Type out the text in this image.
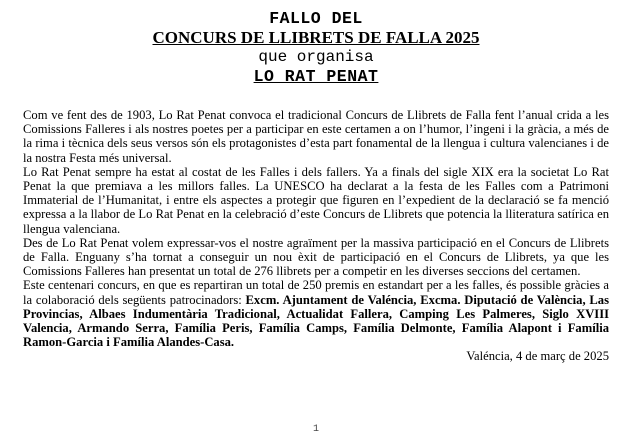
FALLO DEL
CONCURS DE LLIBRETS DE FALLA 2025
que organisa
LO RAT PENAT

Com ve fent des de 1903, Lo Rat Penat convoca el tradicional Concurs de Llibrets de Falla fent l’anual crida a les Comissions Falleres i als nostres poetes per a participar en este certamen a on l’humor, l’ingeni i la gràcia, a més de la rima i tècnica dels seus versos són els protagonistes d’esta part fonamental de la llengua i cultura valencianes i de la nostra Festa més universal.

Lo Rat Penat sempre ha estat al costat de les Falles i dels fallers. Ya a finals del sigle XIX era la societat Lo Rat Penat la que premiava a les millors falles. La UNESCO ha declarat a la festa de les Falles com a Patrimoni Immaterial de l’Humanitat, i entre els aspectes a protegir que figuren en l’expedient de la declaració se fa menció expressa a la llabor de Lo Rat Penat en la celebració d’este Concurs de Llibrets que potencia la lliteratura satírica en llengua valenciana.

Des de Lo Rat Penat volem expressar-vos el nostre agraïment per la massiva participació en el Concurs de Llibrets de Falla. Enguany s’ha tornat a conseguir un nou èxit de participació en el Concurs de Llibrets, ya que les Comissions Falleres han presentat un total de 276 llibrets per a competir en les diverses seccions del certamen.

Este centenari concurs, en que es repartiran un total de 250 premis en estandart per a les falles, és possible gràcies a la colaboració dels següents patrocinadors: Excm. Ajuntament de Valéncia, Excma. Diputació de València, Las Provincias, Albaes Indumentària Tradicional, Actualidat Fallera, Camping Les Palmeres, Siglo XVIII Valencia, Armando Serra, Família Peris, Família Camps, Família Delmonte, Família Alapont i Família Ramon-Garcia i Família Alandes-Casa.

Valéncia, 4 de març de 2025

1
